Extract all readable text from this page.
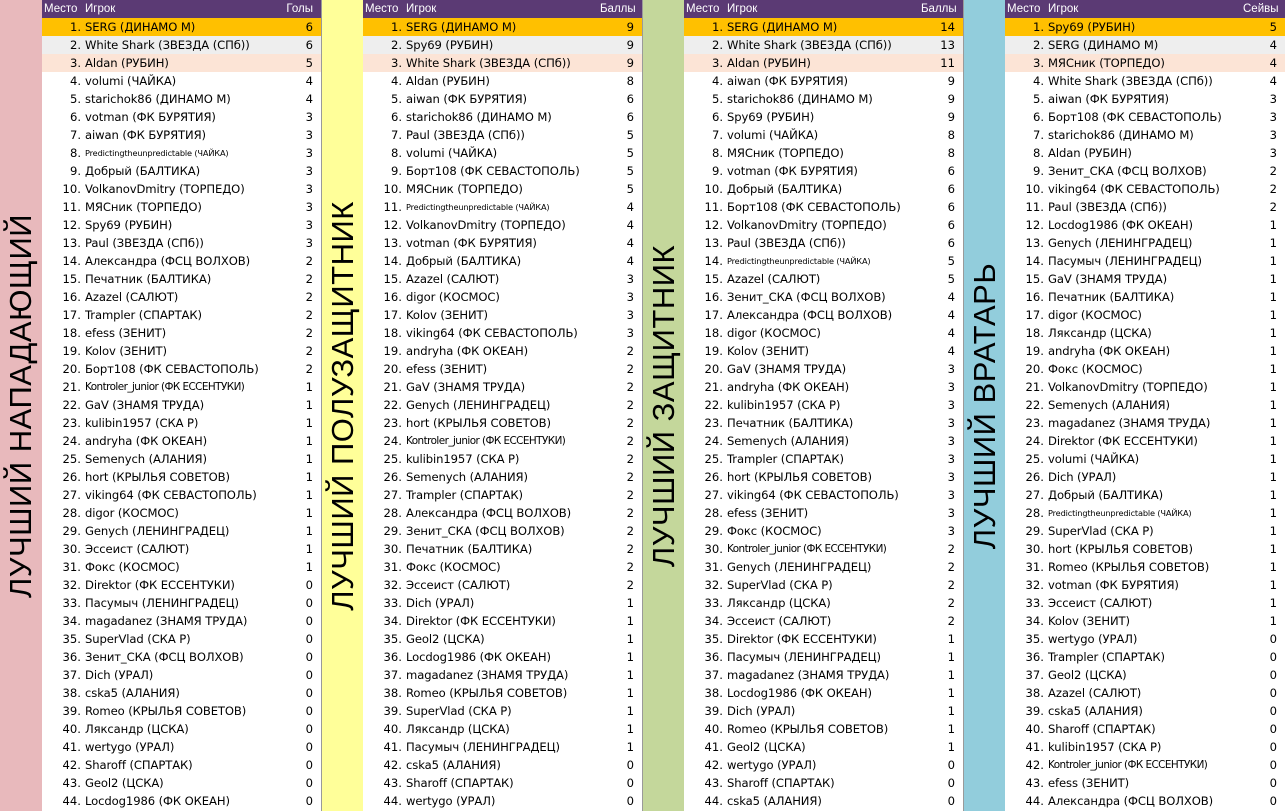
ЛУЧШИЙ НАПАДАЮЩИЙ	ЛУЧШИЙ ПОЛУЗАЩИТНИК	ЛУЧШИЙ ЗАЩИТНИК	ЛУЧШИЙ ВРАТАРЬ
Место Игрок	Голы
1. SERG (ДИНАМО М)	6
2. White Shark (ЗВЕЗДА (СПб))	6
3. Aldan (РУБИН)	5
4. volumi (ЧАЙКА)	4
5. starichok86 (ДИНАМО М)	4
6. votman (ФК БУРЯТИЯ)	3
7. aiwan (ФК БУРЯТИЯ)	3
8. Predictingtheunpredictable (ЧАЙКА)	3
9. Добрый (БАЛТИКА)	3
10. VolkanovDmitry (ТОРПЕДО)	3
11. МЯСник (ТОРПЕДО)	3
12. Spy69 (РУБИН)	3
13. Paul (ЗВЕЗДА (СПб))	3
14. Александра (ФСЦ ВОЛХОВ)	2
15. Печатник (БАЛТИКА)	2
16. Azazel (САЛЮТ)	2
17. Trampler (СПАРТАК)	2
18. efess (ЗЕНИТ)	2
19. Kolov (ЗЕНИТ)	2
20. Борт108 (ФК СЕВАСТОПОЛЬ)	2
21. Kontroler_junior (ФК ЕССЕНТУКИ)	1
22. GaV (ЗНАМЯ ТРУДА)	1
23. kulibin1957 (СКА Р)	1
24. andryha (ФК ОКЕАН)	1
25. Semenych (АЛАНИЯ)	1
26. hort (КРЫЛЬЯ СОВЕТОВ)	1
27. viking64 (ФК СЕВАСТОПОЛЬ)	1
28. digor (КОСМОС)	1
29. Genych (ЛЕНИНГРАДЕЦ)	1
30. Эссеист (САЛЮТ)	1
31. Фокс (КОСМОС)	1
32. Direktor (ФК ЕССЕНТУКИ)	0
33. Пасумыч (ЛЕНИНГРАДЕЦ)	0
34. magadanez (ЗНАМЯ ТРУДА)	0
35. SuperVlad (СКА Р)	0
36. Зенит_СКА (ФСЦ ВОЛХОВ)	0
37. Dich (УРАЛ)	0
38. cska5 (АЛАНИЯ)	0
39. Romeo (КРЫЛЬЯ СОВЕТОВ)	0
40. Ляксандр (ЦСКА)	0
41. wertygo (УРАЛ)	0
42. Sharoff (СПАРТАК)	0
43. Geol2 (ЦСКА)	0
44. Locdog1986 (ФК ОКЕАН)	0
Место Игрок	Баллы
1. SERG (ДИНАМО М)	9
2. Spy69 (РУБИН)	9
3. White Shark (ЗВЕЗДА (СПб))	9
4. Aldan (РУБИН)	8
5. aiwan (ФК БУРЯТИЯ)	6
6. starichok86 (ДИНАМО М)	6
7. Paul (ЗВЕЗДА (СПб))	5
8. volumi (ЧАЙКА)	5
9. Борт108 (ФК СЕВАСТОПОЛЬ)	5
10. МЯСник (ТОРПЕДО)	5
11. Predictingtheunpredictable (ЧАЙКА)	4
12. VolkanovDmitry (ТОРПЕДО)	4
13. votman (ФК БУРЯТИЯ)	4
14. Добрый (БАЛТИКА)	4
15. Azazel (САЛЮТ)	3
16. digor (КОСМОС)	3
17. Kolov (ЗЕНИТ)	3
18. viking64 (ФК СЕВАСТОПОЛЬ)	3
19. andryha (ФК ОКЕАН)	2
20. efess (ЗЕНИТ)	2
21. GaV (ЗНАМЯ ТРУДА)	2
22. Genych (ЛЕНИНГРАДЕЦ)	2
23. hort (КРЫЛЬЯ СОВЕТОВ)	2
24. Kontroler_junior (ФК ЕССЕНТУКИ)	2
25. kulibin1957 (СКА Р)	2
26. Semenych (АЛАНИЯ)	2
27. Trampler (СПАРТАК)	2
28. Александра (ФСЦ ВОЛХОВ)	2
29. Зенит_СКА (ФСЦ ВОЛХОВ)	2
30. Печатник (БАЛТИКА)	2
31. Фокс (КОСМОС)	2
32. Эссеист (САЛЮТ)	2
33. Dich (УРАЛ)	1
34. Direktor (ФК ЕССЕНТУКИ)	1
35. Geol2 (ЦСКА)	1
36. Locdog1986 (ФК ОКЕАН)	1
37. magadanez (ЗНАМЯ ТРУДА)	1
38. Romeo (КРЫЛЬЯ СОВЕТОВ)	1
39. SuperVlad (СКА Р)	1
40. Ляксандр (ЦСКА)	1
41. Пасумыч (ЛЕНИНГРАДЕЦ)	1
42. cska5 (АЛАНИЯ)	0
43. Sharoff (СПАРТАК)	0
44. wertygo (УРАЛ)	0
Место Игрок	Баллы
1. SERG (ДИНАМО М)	14
2. White Shark (ЗВЕЗДА (СПб))	13
3. Aldan (РУБИН)	11
4. aiwan (ФК БУРЯТИЯ)	9
5. starichok86 (ДИНАМО М)	9
6. Spy69 (РУБИН)	9
7. volumi (ЧАЙКА)	8
8. МЯСник (ТОРПЕДО)	8
9. votman (ФК БУРЯТИЯ)	6
10. Добрый (БАЛТИКА)	6
11. Борт108 (ФК СЕВАСТОПОЛЬ)	6
12. VolkanovDmitry (ТОРПЕДО)	6
13. Paul (ЗВЕЗДА (СПб))	6
14. Predictingtheunpredictable (ЧАЙКА)	5
15. Azazel (САЛЮТ)	5
16. Зенит_СКА (ФСЦ ВОЛХОВ)	4
17. Александра (ФСЦ ВОЛХОВ)	4
18. digor (КОСМОС)	4
19. Kolov (ЗЕНИТ)	4
20. GaV (ЗНАМЯ ТРУДА)	3
21. andryha (ФК ОКЕАН)	3
22. kulibin1957 (СКА Р)	3
23. Печатник (БАЛТИКА)	3
24. Semenych (АЛАНИЯ)	3
25. Trampler (СПАРТАК)	3
26. hort (КРЫЛЬЯ СОВЕТОВ)	3
27. viking64 (ФК СЕВАСТОПОЛЬ)	3
28. efess (ЗЕНИТ)	3
29. Фокс (КОСМОС)	3
30. Kontroler_junior (ФК ЕССЕНТУКИ)	2
31. Genych (ЛЕНИНГРАДЕЦ)	2
32. SuperVlad (СКА Р)	2
33. Ляксандр (ЦСКА)	2
34. Эссеист (САЛЮТ)	2
35. Direktor (ФК ЕССЕНТУКИ)	1
36. Пасумыч (ЛЕНИНГРАДЕЦ)	1
37. magadanez (ЗНАМЯ ТРУДА)	1
38. Locdog1986 (ФК ОКЕАН)	1
39. Dich (УРАЛ)	1
40. Romeo (КРЫЛЬЯ СОВЕТОВ)	1
41. Geol2 (ЦСКА)	1
42. wertygo (УРАЛ)	0
43. Sharoff (СПАРТАК)	0
44. cska5 (АЛАНИЯ)	0
Место Игрок	Сейвы
1. Spy69 (РУБИН)	5
2. SERG (ДИНАМО М)	4
3. МЯСник (ТОРПЕДО)	4
4. White Shark (ЗВЕЗДА (СПб))	4
5. aiwan (ФК БУРЯТИЯ)	3
6. Борт108 (ФК СЕВАСТОПОЛЬ)	3
7. starichok86 (ДИНАМО М)	3
8. Aldan (РУБИН)	3
9. Зенит_СКА (ФСЦ ВОЛХОВ)	2
10. viking64 (ФК СЕВАСТОПОЛЬ)	2
11. Paul (ЗВЕЗДА (СПб))	2
12. Locdog1986 (ФК ОКЕАН)	1
13. Genych (ЛЕНИНГРАДЕЦ)	1
14. Пасумыч (ЛЕНИНГРАДЕЦ)	1
15. GaV (ЗНАМЯ ТРУДА)	1
16. Печатник (БАЛТИКА)	1
17. digor (КОСМОС)	1
18. Ляксандр (ЦСКА)	1
19. andryha (ФК ОКЕАН)	1
20. Фокс (КОСМОС)	1
21. VolkanovDmitry (ТОРПЕДО)	1
22. Semenych (АЛАНИЯ)	1
23. magadanez (ЗНАМЯ ТРУДА)	1
24. Direktor (ФК ЕССЕНТУКИ)	1
25. volumi (ЧАЙКА)	1
26. Dich (УРАЛ)	1
27. Добрый (БАЛТИКА)	1
28. Predictingtheunpredictable (ЧАЙКА)	1
29. SuperVlad (СКА Р)	1
30. hort (КРЫЛЬЯ СОВЕТОВ)	1
31. Romeo (КРЫЛЬЯ СОВЕТОВ)	1
32. votman (ФК БУРЯТИЯ)	1
33. Эссеист (САЛЮТ)	1
34. Kolov (ЗЕНИТ)	1
35. wertygo (УРАЛ)	0
36. Trampler (СПАРТАК)	0
37. Geol2 (ЦСКА)	0
38. Azazel (САЛЮТ)	0
39. cska5 (АЛАНИЯ)	0
40. Sharoff (СПАРТАК)	0
41. kulibin1957 (СКА Р)	0
42. Kontroler_junior (ФК ЕССЕНТУКИ)	0
43. efess (ЗЕНИТ)	0
44. Александра (ФСЦ ВОЛХОВ)	0
